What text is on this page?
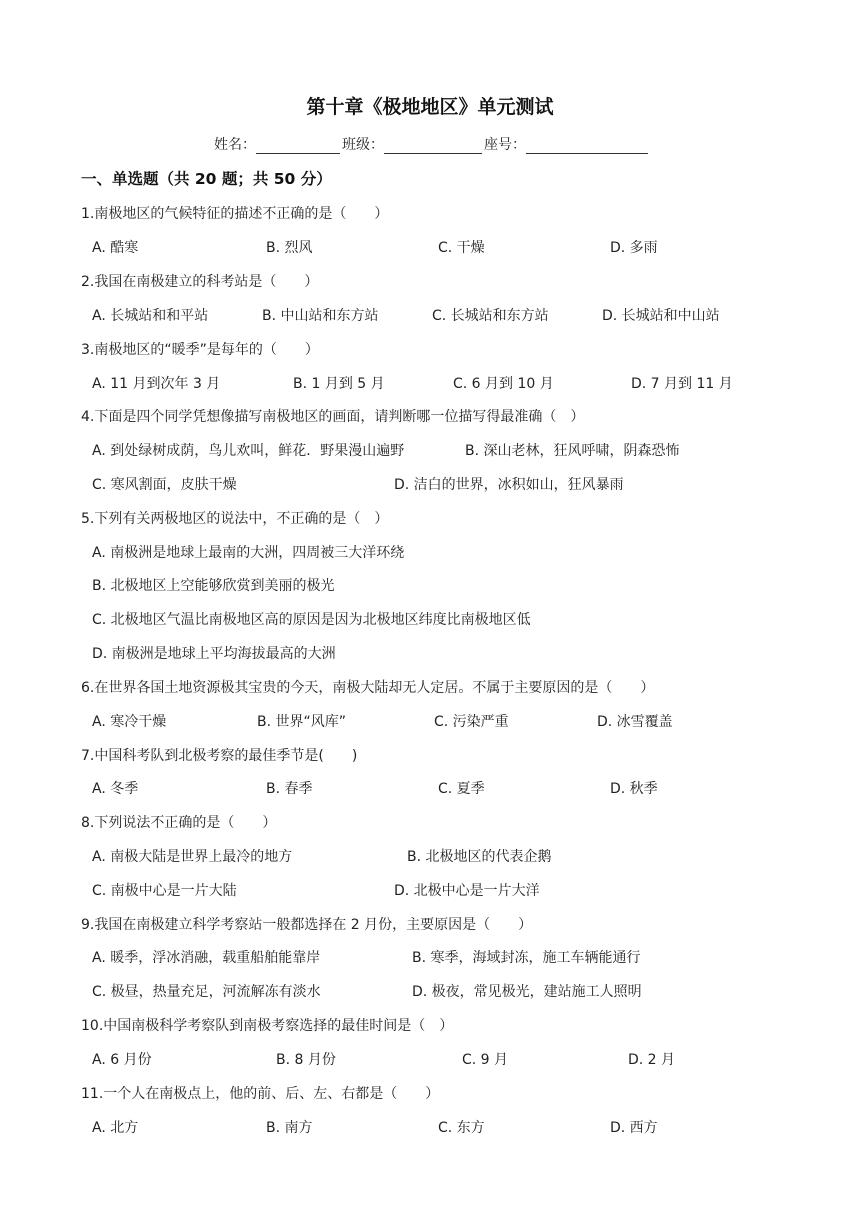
第十章《极地地区》单元测试
姓名：	班级：	座号：
一、单选题（共 20 题；共 50 分）
1.南极地区的气候特征的描述不正确的是（　　）
A. 酷寒	B. 烈风	C. 干燥	D. 多雨
2.我国在南极建立的科考站是（　　）
A. 长城站和和平站	B. 中山站和东方站	C. 长城站和东方站	D. 长城站和中山站
3.南极地区的“暖季”是每年的（　　）
A. 11 月到次年 3 月	B. 1 月到 5 月	C. 6 月到 10 月	D. 7 月到 11 月
4.下面是四个同学凭想像描写南极地区的画面，请判断哪一位描写得最准确（　）
A. 到处绿树成荫，鸟儿欢叫，鲜花．野果漫山遍野	B. 深山老林，狂风呼啸，阴森恐怖
C. 寒风割面，皮肤干燥	D. 洁白的世界，冰积如山，狂风暴雨
5.下列有关两极地区的说法中，不正确的是（　）
A. 南极洲是地球上最南的大洲，四周被三大洋环绕
B. 北极地区上空能够欣赏到美丽的极光
C. 北极地区气温比南极地区高的原因是因为北极地区纬度比南极地区低
D. 南极洲是地球上平均海拔最高的大洲
6.在世界各国土地资源极其宝贵的今天，南极大陆却无人定居。不属于主要原因的是（　　）
A. 寒冷干燥	B. 世界“风库”	C. 污染严重	D. 冰雪覆盖
7.中国科考队到北极考察的最佳季节是(　　)
A. 冬季	B. 春季	C. 夏季	D. 秋季
8.下列说法不正确的是（　　）
A. 南极大陆是世界上最冷的地方	B. 北极地区的代表企鹅
C. 南极中心是一片大陆	D. 北极中心是一片大洋
9.我国在南极建立科学考察站一般都选择在 2 月份，主要原因是（　　）
A. 暖季，浮冰消融，载重船舶能靠岸	B. 寒季，海域封冻，施工车辆能通行
C. 极昼，热量充足，河流解冻有淡水	D. 极夜，常见极光，建站施工人照明
10.中国南极科学考察队到南极考察选择的最佳时间是（　）
A. 6 月份	B. 8 月份	C. 9 月	D. 2 月
11.一个人在南极点上，他的前、后、左、右都是（　　）
A. 北方	B. 南方	C. 东方	D. 西方
